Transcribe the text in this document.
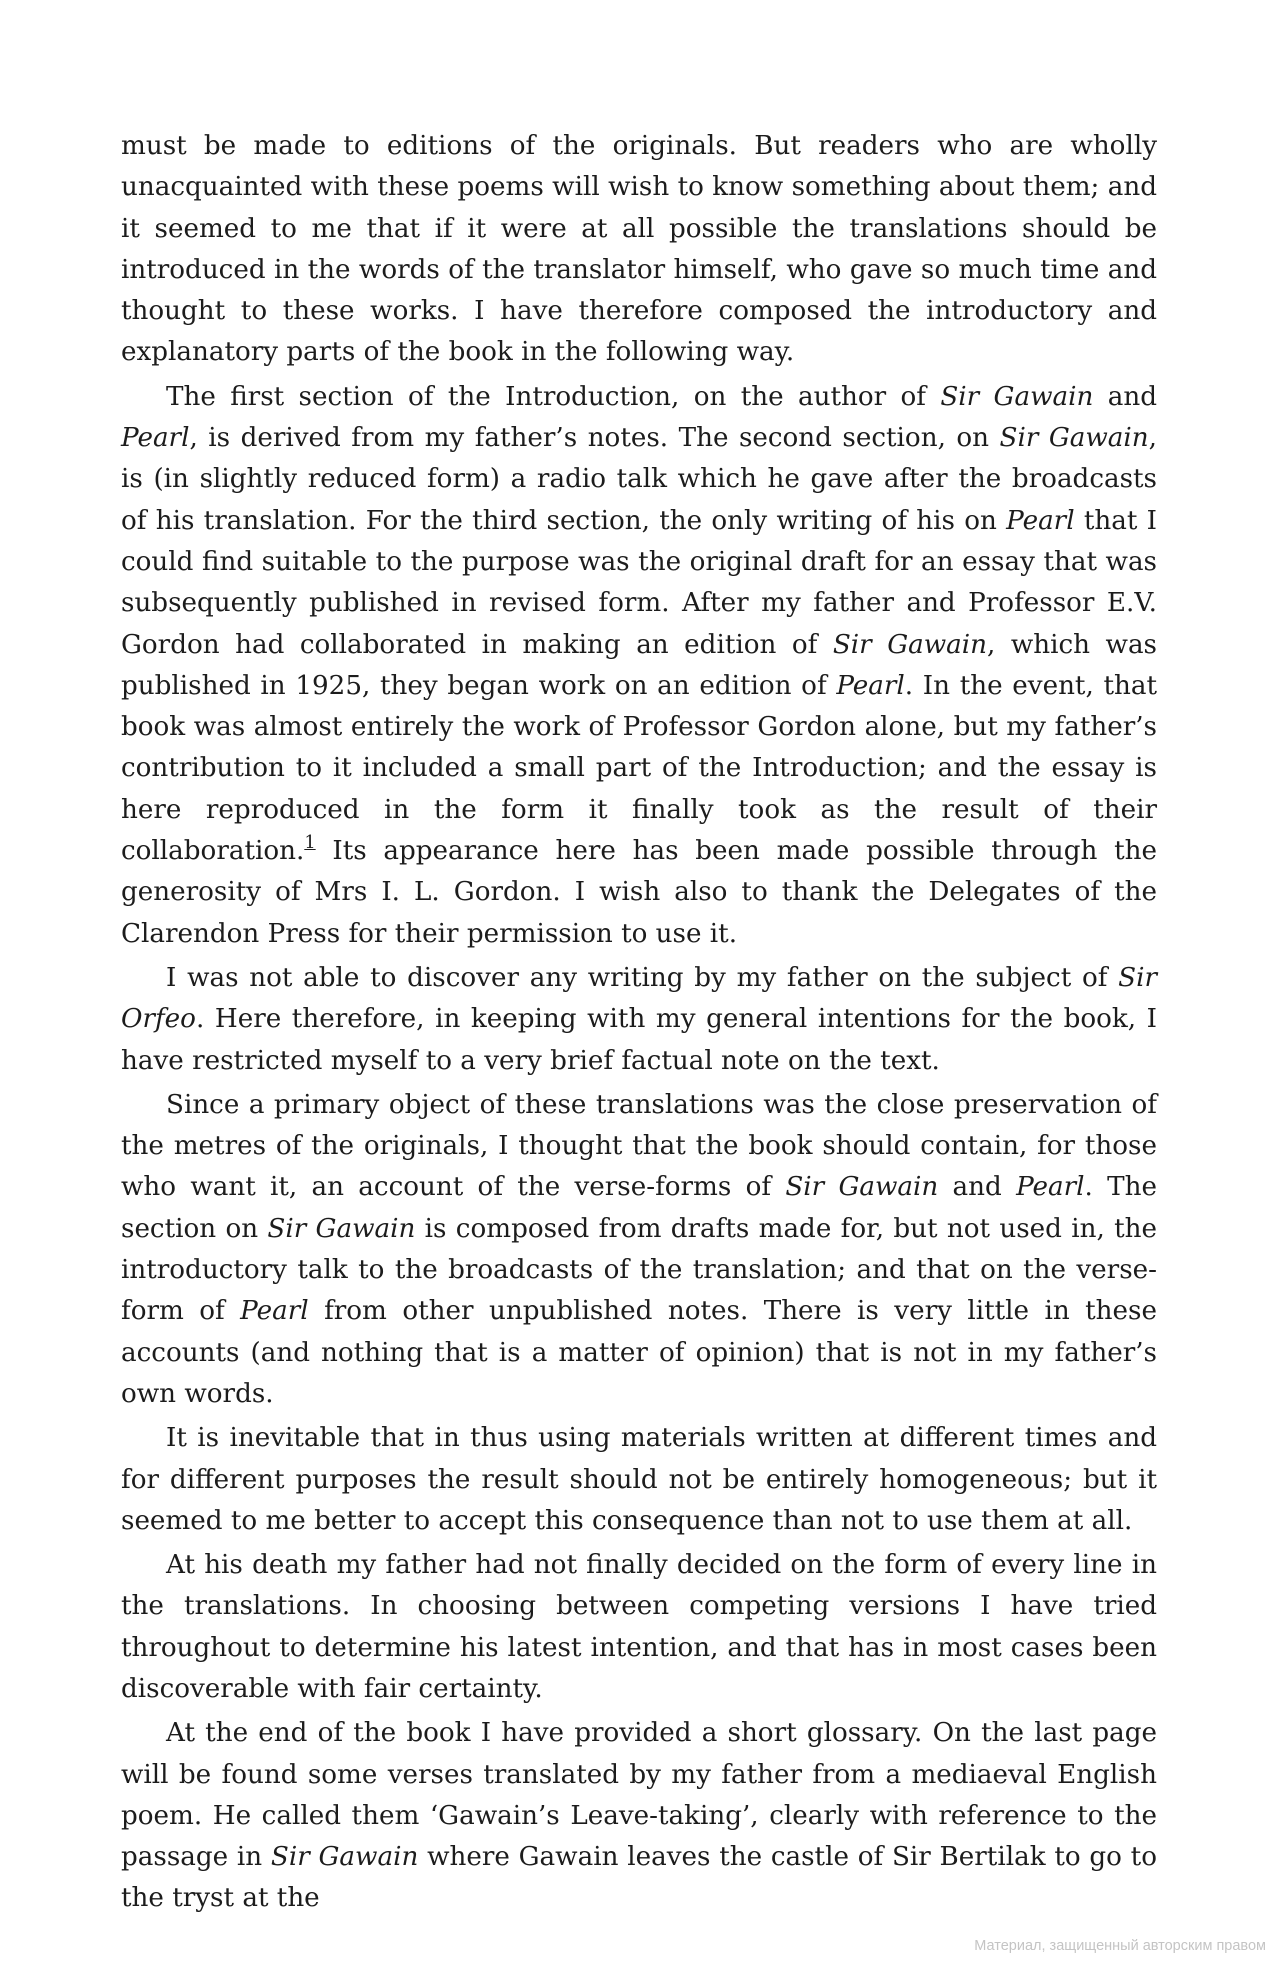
must be made to editions of the originals. But readers who are wholly unacquainted with these poems will wish to know something about them; and it seemed to me that if it were at all possible the translations should be introduced in the words of the translator himself, who gave so much time and thought to these works. I have therefore composed the introductory and explanatory parts of the book in the following way.

The first section of the Introduction, on the author of Sir Gawain and Pearl, is derived from my father’s notes. The second section, on Sir Gawain, is (in slightly reduced form) a radio talk which he gave after the broadcasts of his translation. For the third section, the only writing of his on Pearl that I could find suitable to the purpose was the original draft for an essay that was subsequently published in revised form. After my father and Professor E.V. Gordon had collaborated in making an edition of Sir Gawain, which was published in 1925, they began work on an edition of Pearl. In the event, that book was almost entirely the work of Professor Gordon alone, but my father’s contribution to it included a small part of the Introduction; and the essay is here reproduced in the form it finally took as the result of their collaboration.$^1$ Its appearance here has been made possible through the generosity of Mrs I. L. Gordon. I wish also to thank the Delegates of the Clarendon Press for their permission to use it.

I was not able to discover any writing by my father on the subject of Sir Orfeo. Here therefore, in keeping with my general intentions for the book, I have restricted myself to a very brief factual note on the text.

Since a primary object of these translations was the close preservation of the metres of the originals, I thought that the book should contain, for those who want it, an account of the verse-forms of Sir Gawain and Pearl. The section on Sir Gawain is composed from drafts made for, but not used in, the introductory talk to the broadcasts of the translation; and that on the verse-form of Pearl from other unpublished notes. There is very little in these accounts (and nothing that is a matter of opinion) that is not in my father’s own words.

It is inevitable that in thus using materials written at different times and for different purposes the result should not be entirely homogeneous; but it seemed to me better to accept this consequence than not to use them at all.

At his death my father had not finally decided on the form of every line in the translations. In choosing between competing versions I have tried throughout to determine his latest intention, and that has in most cases been discoverable with fair certainty.

At the end of the book I have provided a short glossary. On the last page will be found some verses translated by my father from a mediaeval English poem. He called them ‘Gawain’s Leave-taking’, clearly with reference to the passage in Sir Gawain where Gawain leaves the castle of Sir Bertilak to go to the tryst at the

Материал, защищенный авторским правом
